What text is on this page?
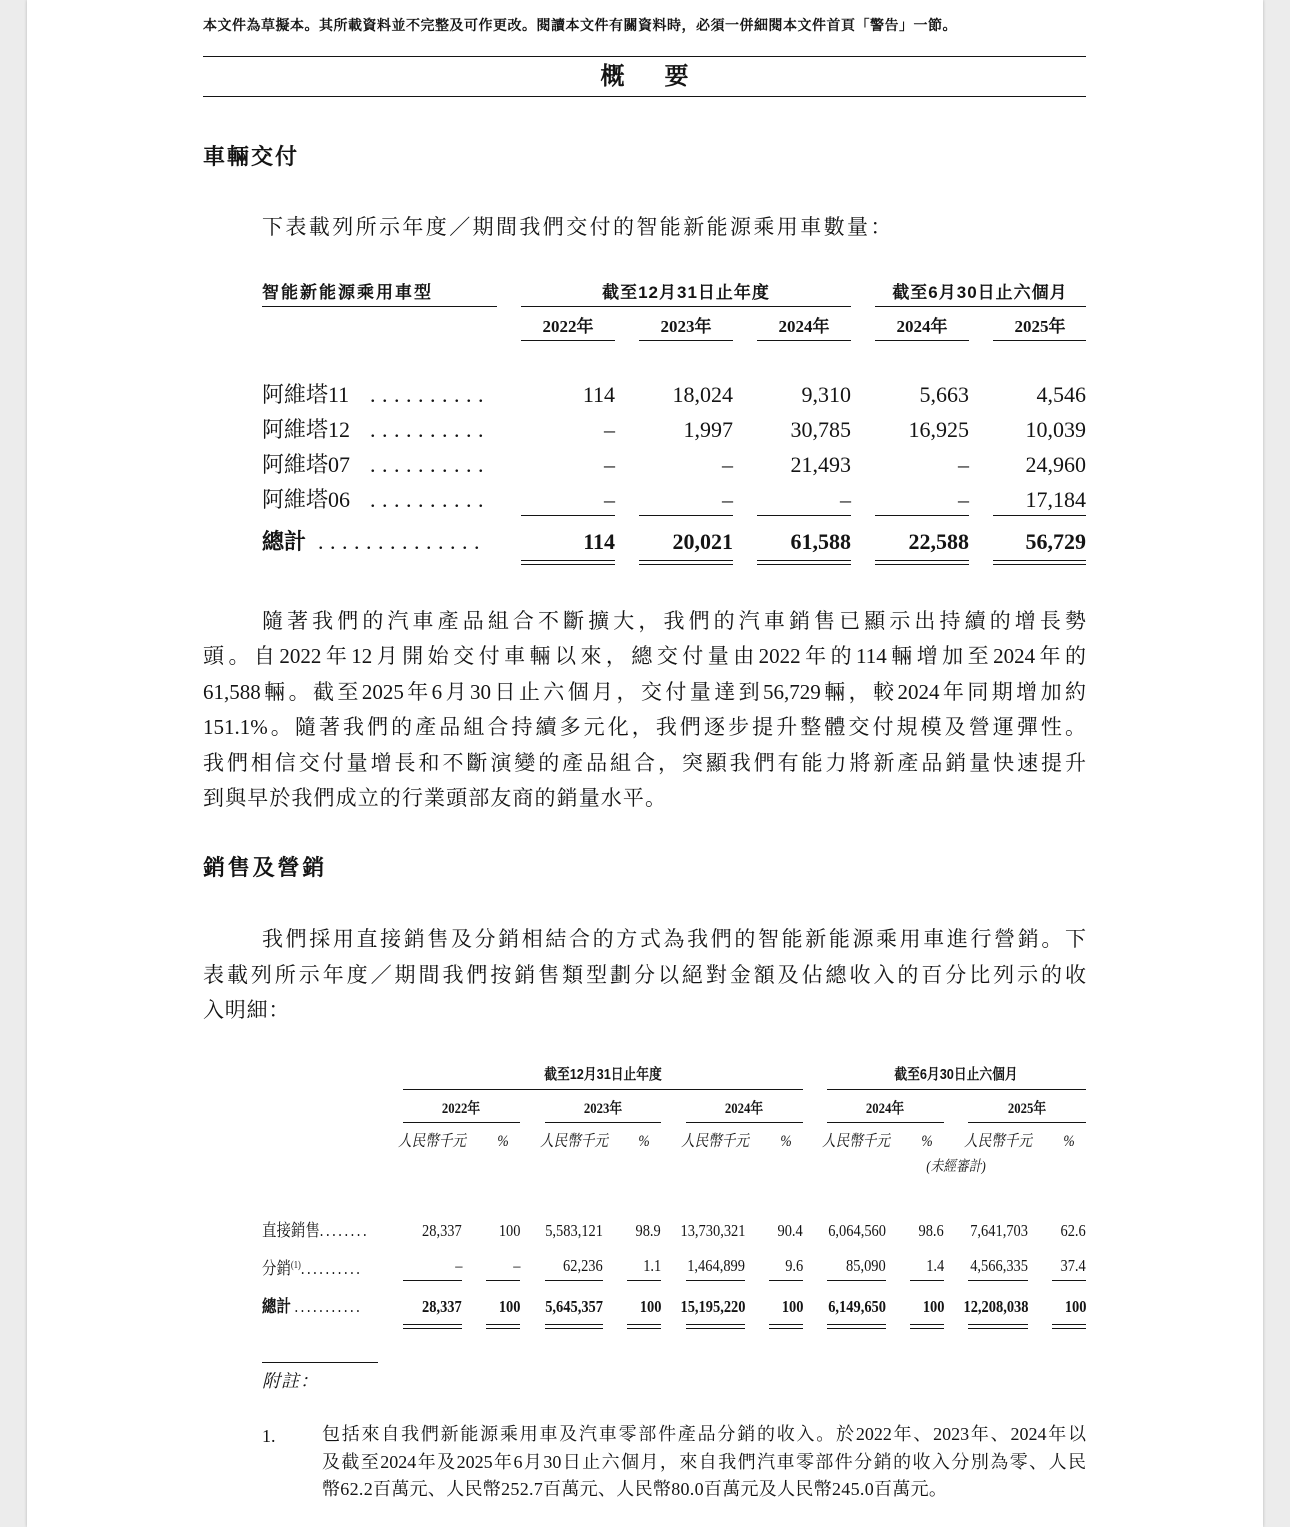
本文件為草擬本。其所載資料並不完整及可作更改。閱讀本文件有關資料時，必須一併細閱本文件首頁「警告」一節。
概　要
車輛交付
下表載列所示年度／期間我們交付的智能新能源乘用車數量：
智能新能源乘用車型	截至12月31日止年度	截至6月30日止六個月
2022年	2023年	2024年	2024年	2025年
阿維塔11 ..........	114	18,024	9,310	5,663	4,546
阿維塔12 ..........	–	1,997	30,785	16,925	10,039
阿維塔07 ..........	–	–	21,493	–	24,960
阿維塔06 ..........	–	–	–	–	17,184
總計 ..............	114	20,021	61,588	22,588	56,729
隨著我們的汽車產品組合不斷擴大，我們的汽車銷售已顯示出持續的增長勢
頭。自2022年12月開始交付車輛以來，總交付量由2022年的114輛增加至2024年的
61,588輛。截至2025年6月30日止六個月，交付量達到56,729輛，較2024年同期增加約
151.1%。隨著我們的產品組合持續多元化，我們逐步提升整體交付規模及營運彈性。
我們相信交付量增長和不斷演變的產品組合，突顯我們有能力將新產品銷量快速提升
到與早於我們成立的行業頭部友商的銷量水平。
銷售及營銷
我們採用直接銷售及分銷相結合的方式為我們的智能新能源乘用車進行營銷。下
表載列所示年度／期間我們按銷售類型劃分以絕對金額及佔總收入的百分比列示的收
入明細：
截至12月31日止年度	截至6月30日止六個月
2022年	2023年	2024年	2024年	2025年
人民幣千元 % 人民幣千元 % 人民幣千元 % 人民幣千元 % 人民幣千元 %
(未經審計)
直接銷售........	28,337 100 5,583,121 98.9 13,730,321 90.4 6,064,560 98.6 7,641,703 62.6
分銷$^{(1)}$..........	–	–	62,236 1.1 1,464,899 9.6	85,090 1.4 4,566,335 37.4
總計 ...........	28,337 100 5,645,357 100 15,195,220 100 6,149,650 100 12,208,038 100
附註：
1.	包括來自我們新能源乘用車及汽車零部件產品分銷的收入。於2022年、2023年、2024年以
及截至2024年及2025年6月30日止六個月，來自我們汽車零部件分銷的收入分別為零、人民
幣62.2百萬元、人民幣252.7百萬元、人民幣80.0百萬元及人民幣245.0百萬元。
